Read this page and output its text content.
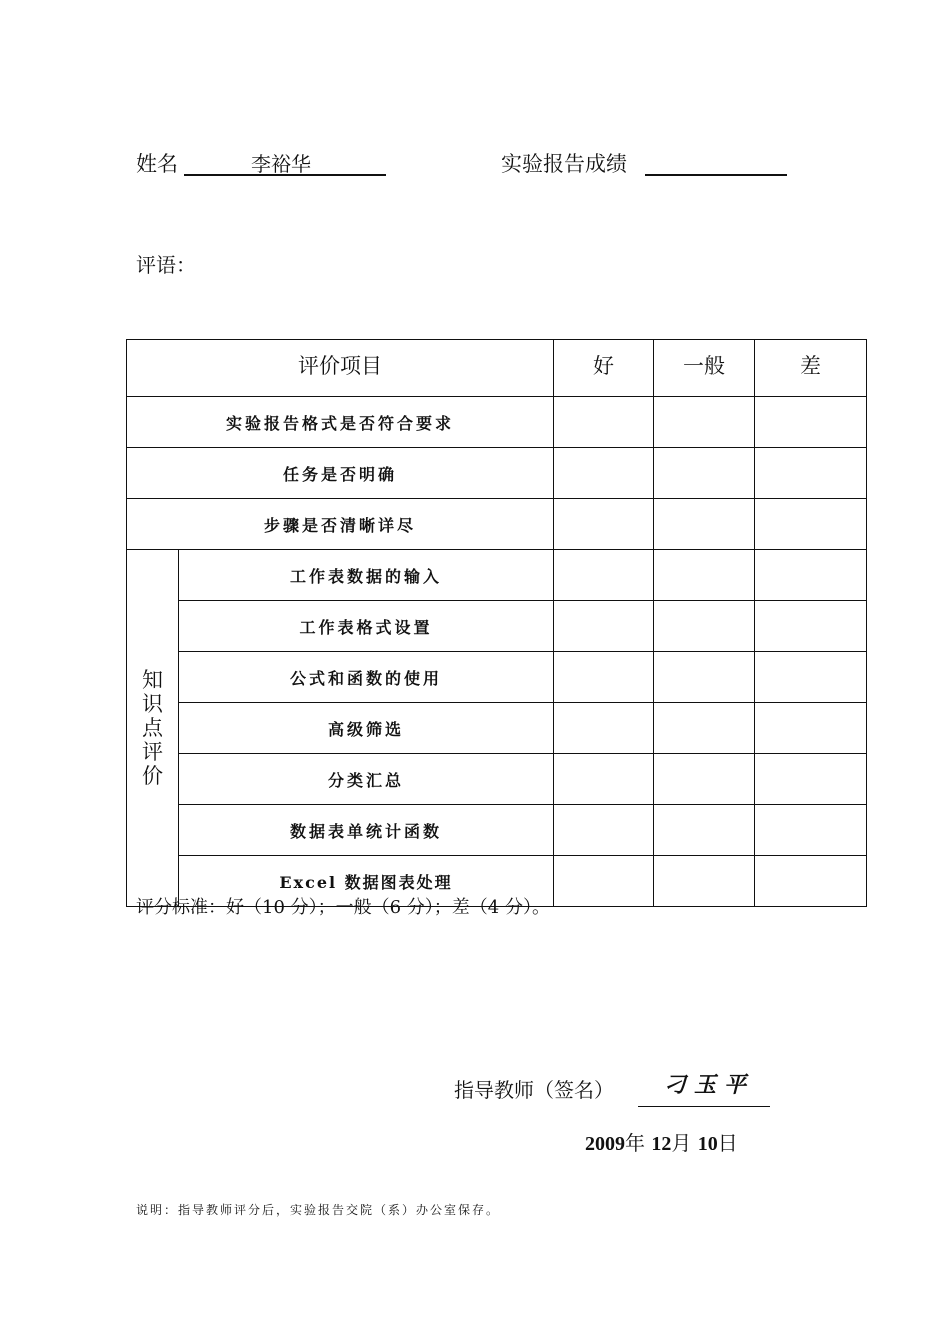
姓名	李裕华	实验报告成绩
评语：
评价项目		好	一般	差
实验报告格式是否符合要求				
任务是否明确				
步骤是否清晰详尽				
知识点评价	工作表数据的输入			
	工作表格式设置			
	公式和函数的使用			
	高级筛选			
	分类汇总			
	数据表单统计函数			
	Excel 数据图表处理			
评分标准：好（10 分）；一般（6 分）；差（4 分）。
指导教师（签名） 刁玉平
2009年 12月 10日
说明：指导教师评分后，实验报告交院（系）办公室保存。
